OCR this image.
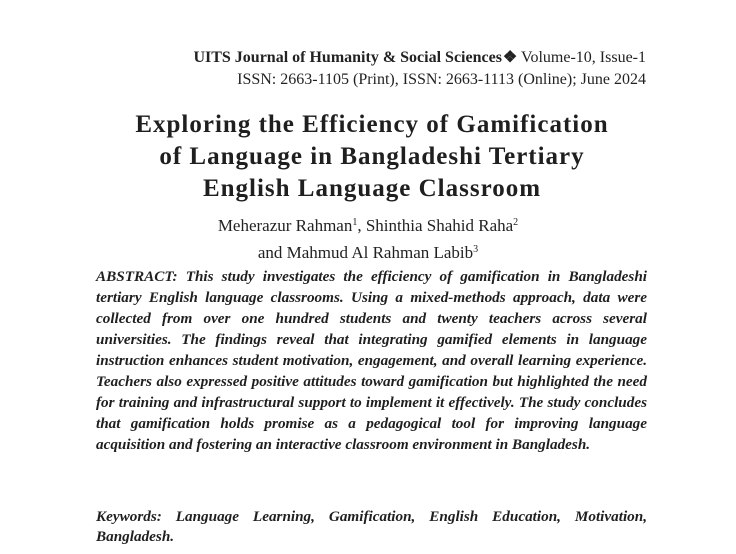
UITS Journal of Humanity & Social Sciences❖ Volume-10, Issue-1
ISSN: 2663-1105 (Print), ISSN: 2663-1113 (Online); June 2024
Exploring the Efficiency of Gamification
of Language in Bangladeshi Tertiary
English Language Classroom
Meherazur Rahman$^1$, Shinthia Shahid Raha$^2$
and Mahmud Al Rahman Labib$^3$
ABSTRACT: This study investigates the efficiency of gamification in Bangladeshi tertiary English language classrooms. Using a mixed-methods approach, data were collected from over one hundred students and twenty teachers across several universities. The findings reveal that integrating gamified elements in language instruction enhances student motivation, engagement, and overall learning experience. Teachers also expressed positive attitudes toward gamification but highlighted the need for training and infrastructural support to implement it effectively. The study concludes that gamification holds promise as a pedagogical tool for improving language acquisition and fostering an interactive classroom environment in Bangladesh.
Keywords: Language Learning, Gamification, English Education, Motivation, Bangladesh.
